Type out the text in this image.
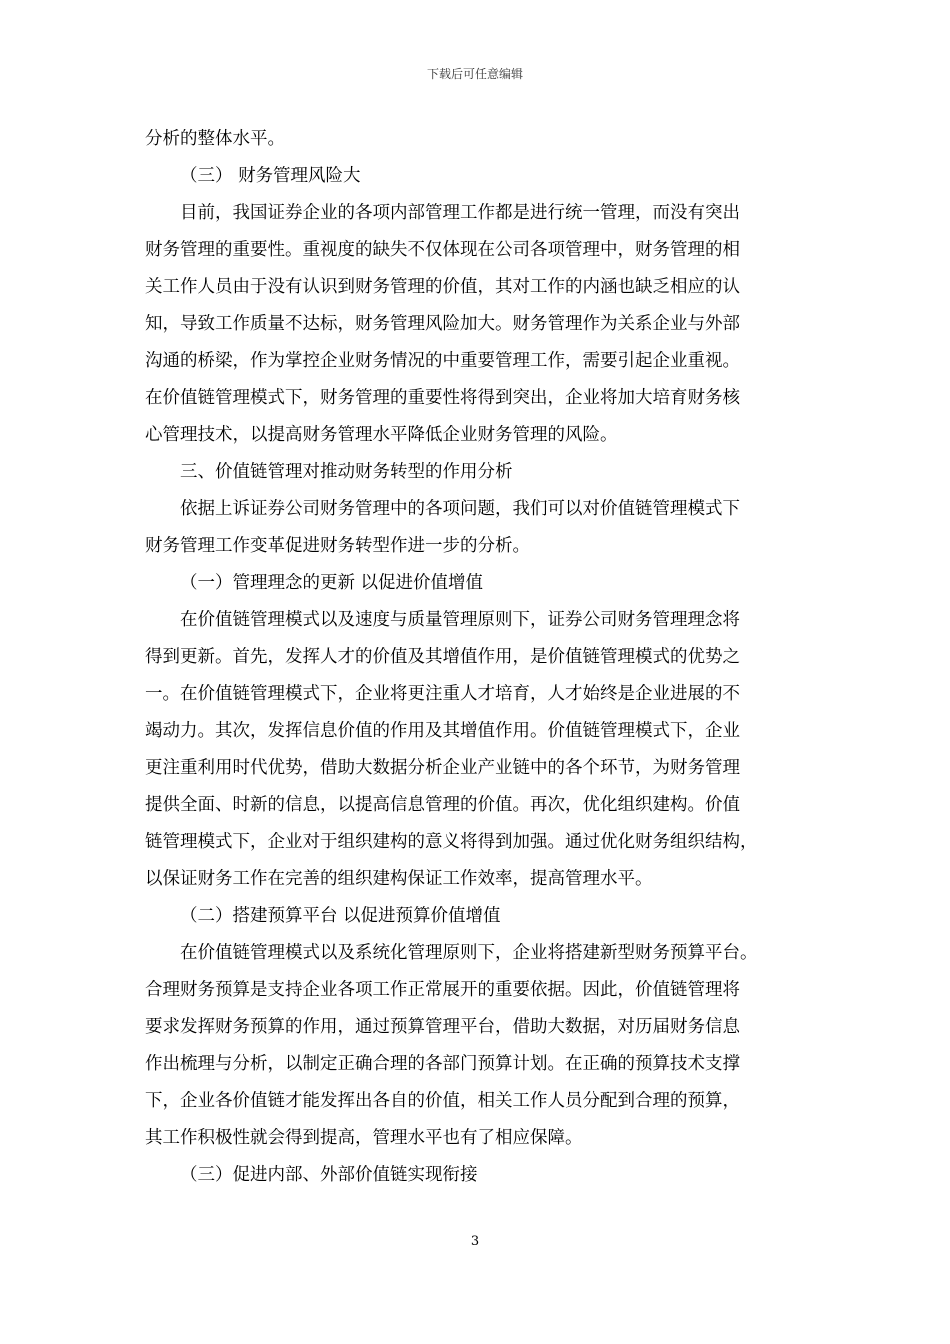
下载后可任意编辑

分析的整体水平。

（三） 财务管理风险大

目前，我国证券企业的各项内部管理工作都是进行统一管理，而没有突出
财务管理的重要性。重视度的缺失不仅体现在公司各项管理中，财务管理的相
关工作人员由于没有认识到财务管理的价值，其对工作的内涵也缺乏相应的认
知，导致工作质量不达标，财务管理风险加大。财务管理作为关系企业与外部
沟通的桥梁，作为掌控企业财务情况的中重要管理工作，需要引起企业重视。
在价值链管理模式下，财务管理的重要性将得到突出，企业将加大培育财务核
心管理技术，以提高财务管理水平降低企业财务管理的风险。

三、价值链管理对推动财务转型的作用分析

依据上诉证券公司财务管理中的各项问题，我们可以对价值链管理模式下
财务管理工作变革促进财务转型作进一步的分析。

（一）管理理念的更新 以促进价值增值

在价值链管理模式以及速度与质量管理原则下，证券公司财务管理理念将
得到更新。首先，发挥人才的价值及其增值作用，是价值链管理模式的优势之
一。在价值链管理模式下，企业将更注重人才培育，人才始终是企业进展的不
竭动力。其次，发挥信息价值的作用及其增值作用。价值链管理模式下，企业
更注重利用时代优势，借助大数据分析企业产业链中的各个环节，为财务管理
提供全面、时新的信息，以提高信息管理的价值。再次，优化组织建构。价值
链管理模式下，企业对于组织建构的意义将得到加强。通过优化财务组织结构，
以保证财务工作在完善的组织建构保证工作效率，提高管理水平。

（二）搭建预算平台 以促进预算价值增值

在价值链管理模式以及系统化管理原则下，企业将搭建新型财务预算平台。
合理财务预算是支持企业各项工作正常展开的重要依据。因此，价值链管理将
要求发挥财务预算的作用，通过预算管理平台，借助大数据，对历届财务信息
作出梳理与分析，以制定正确合理的各部门预算计划。在正确的预算技术支撑
下，企业各价值链才能发挥出各自的价值，相关工作人员分配到合理的预算，
其工作积极性就会得到提高，管理水平也有了相应保障。

（三）促进内部、外部价值链实现衔接

3
